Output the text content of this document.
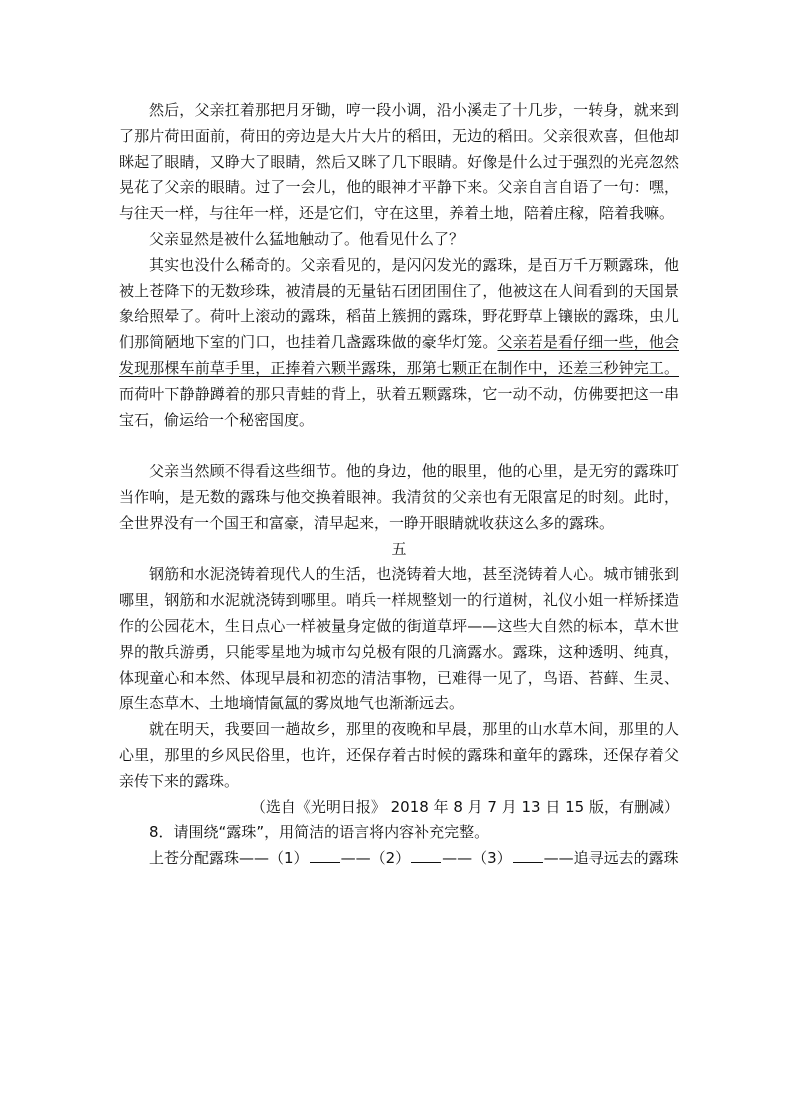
然后，父亲扛着那把月牙锄，哼一段小调，沿小溪走了十几步，一转身，就来到了那片荷田面前，荷田的旁边是大片大片的稻田，无边的稻田。父亲很欢喜，但他却眯起了眼睛，又睁大了眼睛，然后又眯了几下眼睛。好像是什么过于强烈的光亮忽然晃花了父亲的眼睛。过了一会儿，他的眼神才平静下来。父亲自言自语了一句：嘿，与往天一样，与往年一样，还是它们，守在这里，养着土地，陪着庄稼，陪着我嘛。

父亲显然是被什么猛地触动了。他看见什么了？

其实也没什么稀奇的。父亲看见的，是闪闪发光的露珠，是百万千万颗露珠，他被上苍降下的无数珍珠，被清晨的无量钻石团团围住了，他被这在人间看到的天国景象给照晕了。荷叶上滚动的露珠，稻苗上簇拥的露珠，野花野草上镶嵌的露珠，虫儿们那简陋地下室的门口，也挂着几盏露珠做的豪华灯笼。父亲若是看仔细一些，他会发现那棵车前草手里，正捧着六颗半露珠，那第七颗正在制作中，还差三秒钟完工。而荷叶下静静蹲着的那只青蛙的背上，驮着五颗露珠，它一动不动，仿佛要把这一串宝石，偷运给一个秘密国度。

父亲当然顾不得看这些细节。他的身边，他的眼里，他的心里，是无穷的露珠叮当作响，是无数的露珠与他交换着眼神。我清贫的父亲也有无限富足的时刻。此时，全世界没有一个国王和富豪，清早起来，一睁开眼睛就收获这么多的露珠。

五

钢筋和水泥浇铸着现代人的生活，也浇铸着大地，甚至浇铸着人心。城市铺张到哪里，钢筋和水泥就浇铸到哪里。哨兵一样规整划一的行道树，礼仪小姐一样矫揉造作的公园花木，生日点心一样被量身定做的街道草坪——这些大自然的标本，草木世界的散兵游勇，只能零星地为城市勾兑极有限的几滴露水。露珠，这种透明、纯真，体现童心和本然、体现早晨和初恋的清洁事物，已难得一见了，鸟语、苔藓、生灵、原生态草木、土地墒情氤氲的雾岚地气也渐渐远去。

就在明天，我要回一趟故乡，那里的夜晚和早晨，那里的山水草木间，那里的人心里，那里的乡风民俗里，也许，还保存着古时候的露珠和童年的露珠，还保存着父亲传下来的露珠。

（选自《光明日报》 2018 年 8 月 7 月 13 日 15 版，有删减）

8．请围绕“露珠”，用简洁的语言将内容补充完整。

上苍分配露珠——（1） ——（2） ——（3） ——追寻远去的露珠
